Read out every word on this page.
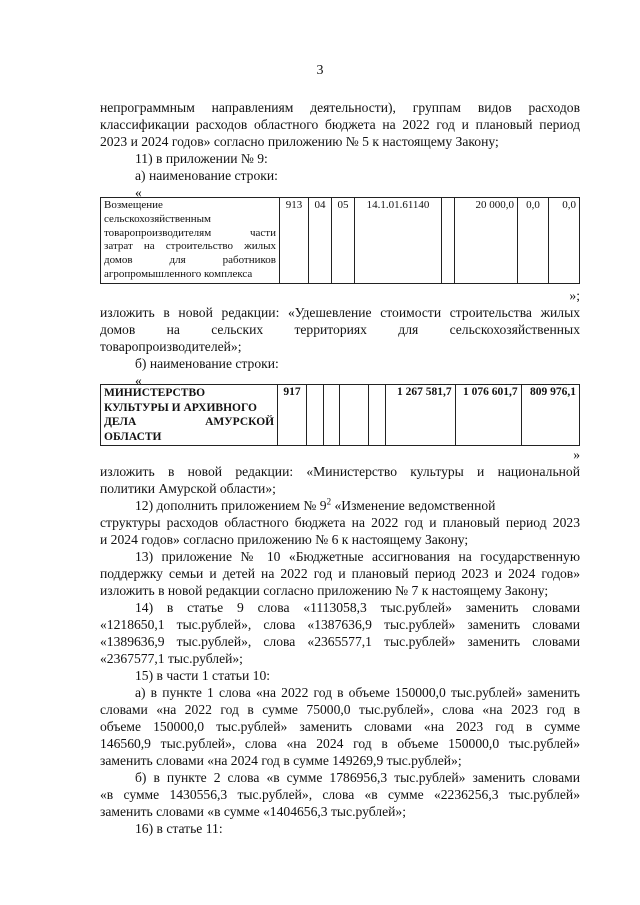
3
непрограммным направлениям деятельности), группам видов расходов
классификации расходов областного бюджета на 2022 год и плановый период
2023 и 2024 годов» согласно приложению № 5 к настоящему Закону;
11) в приложении № 9:
а) наименование строки:
«
Возмещение
сельскохозяйственным
товаропроизводителям части
затрат на строительство жилых
домов для работников
агропромышленного комплекса
	913	04	05	14.1.01.61140		20 000,0	0,0	0,0
»;
изложить в новой редакции: «Удешевление стоимости строительства жилых
домов на сельских территориях для сельскохозяйственных
товаропроизводителей»;
б) наименование строки:
«
МИНИСТЕРСТВО
КУЛЬТУРЫ И АРХИВНОГО
ДЕЛА АМУРСКОЙ
ОБЛАСТИ
	917					1 267 581,7	1 076 601,7	809 976,1
»
изложить в новой редакции: «Министерство культуры и национальной
политики Амурской области»;
12) дополнить приложением № $9^2$ «Изменение ведомственной
структуры расходов областного бюджета на 2022 год и плановый период 2023
и 2024 годов» согласно приложению № 6 к настоящему Закону;
13) приложение № 10 «Бюджетные ассигнования на государственную
поддержку семьи и детей на 2022 год и плановый период 2023 и 2024 годов»
изложить в новой редакции согласно приложению № 7 к настоящему Закону;
14) в статье 9 слова «1113058,3 тыс.рублей» заменить словами
«1218650,1 тыс.рублей», слова «1387636,9 тыс.рублей» заменить словами
«1389636,9 тыс.рублей», слова «2365577,1 тыс.рублей» заменить словами
«2367577,1 тыс.рублей»;
15) в части 1 статьи 10:
а) в пункте 1 слова «на 2022 год в объеме 150000,0 тыс.рублей» заменить
словами «на 2022 год в сумме 75000,0 тыс.рублей», слова «на 2023 год в
объеме 150000,0 тыс.рублей» заменить словами «на 2023 год в сумме
146560,9 тыс.рублей», слова «на 2024 год в объеме 150000,0 тыс.рублей»
заменить словами «на 2024 год в сумме 149269,9 тыс.рублей»;
б) в пункте 2 слова «в сумме 1786956,3 тыс.рублей» заменить словами
«в сумме 1430556,3 тыс.рублей», слова «в сумме «2236256,3 тыс.рублей»
заменить словами «в сумме «1404656,3 тыс.рублей»;
16) в статье 11:
